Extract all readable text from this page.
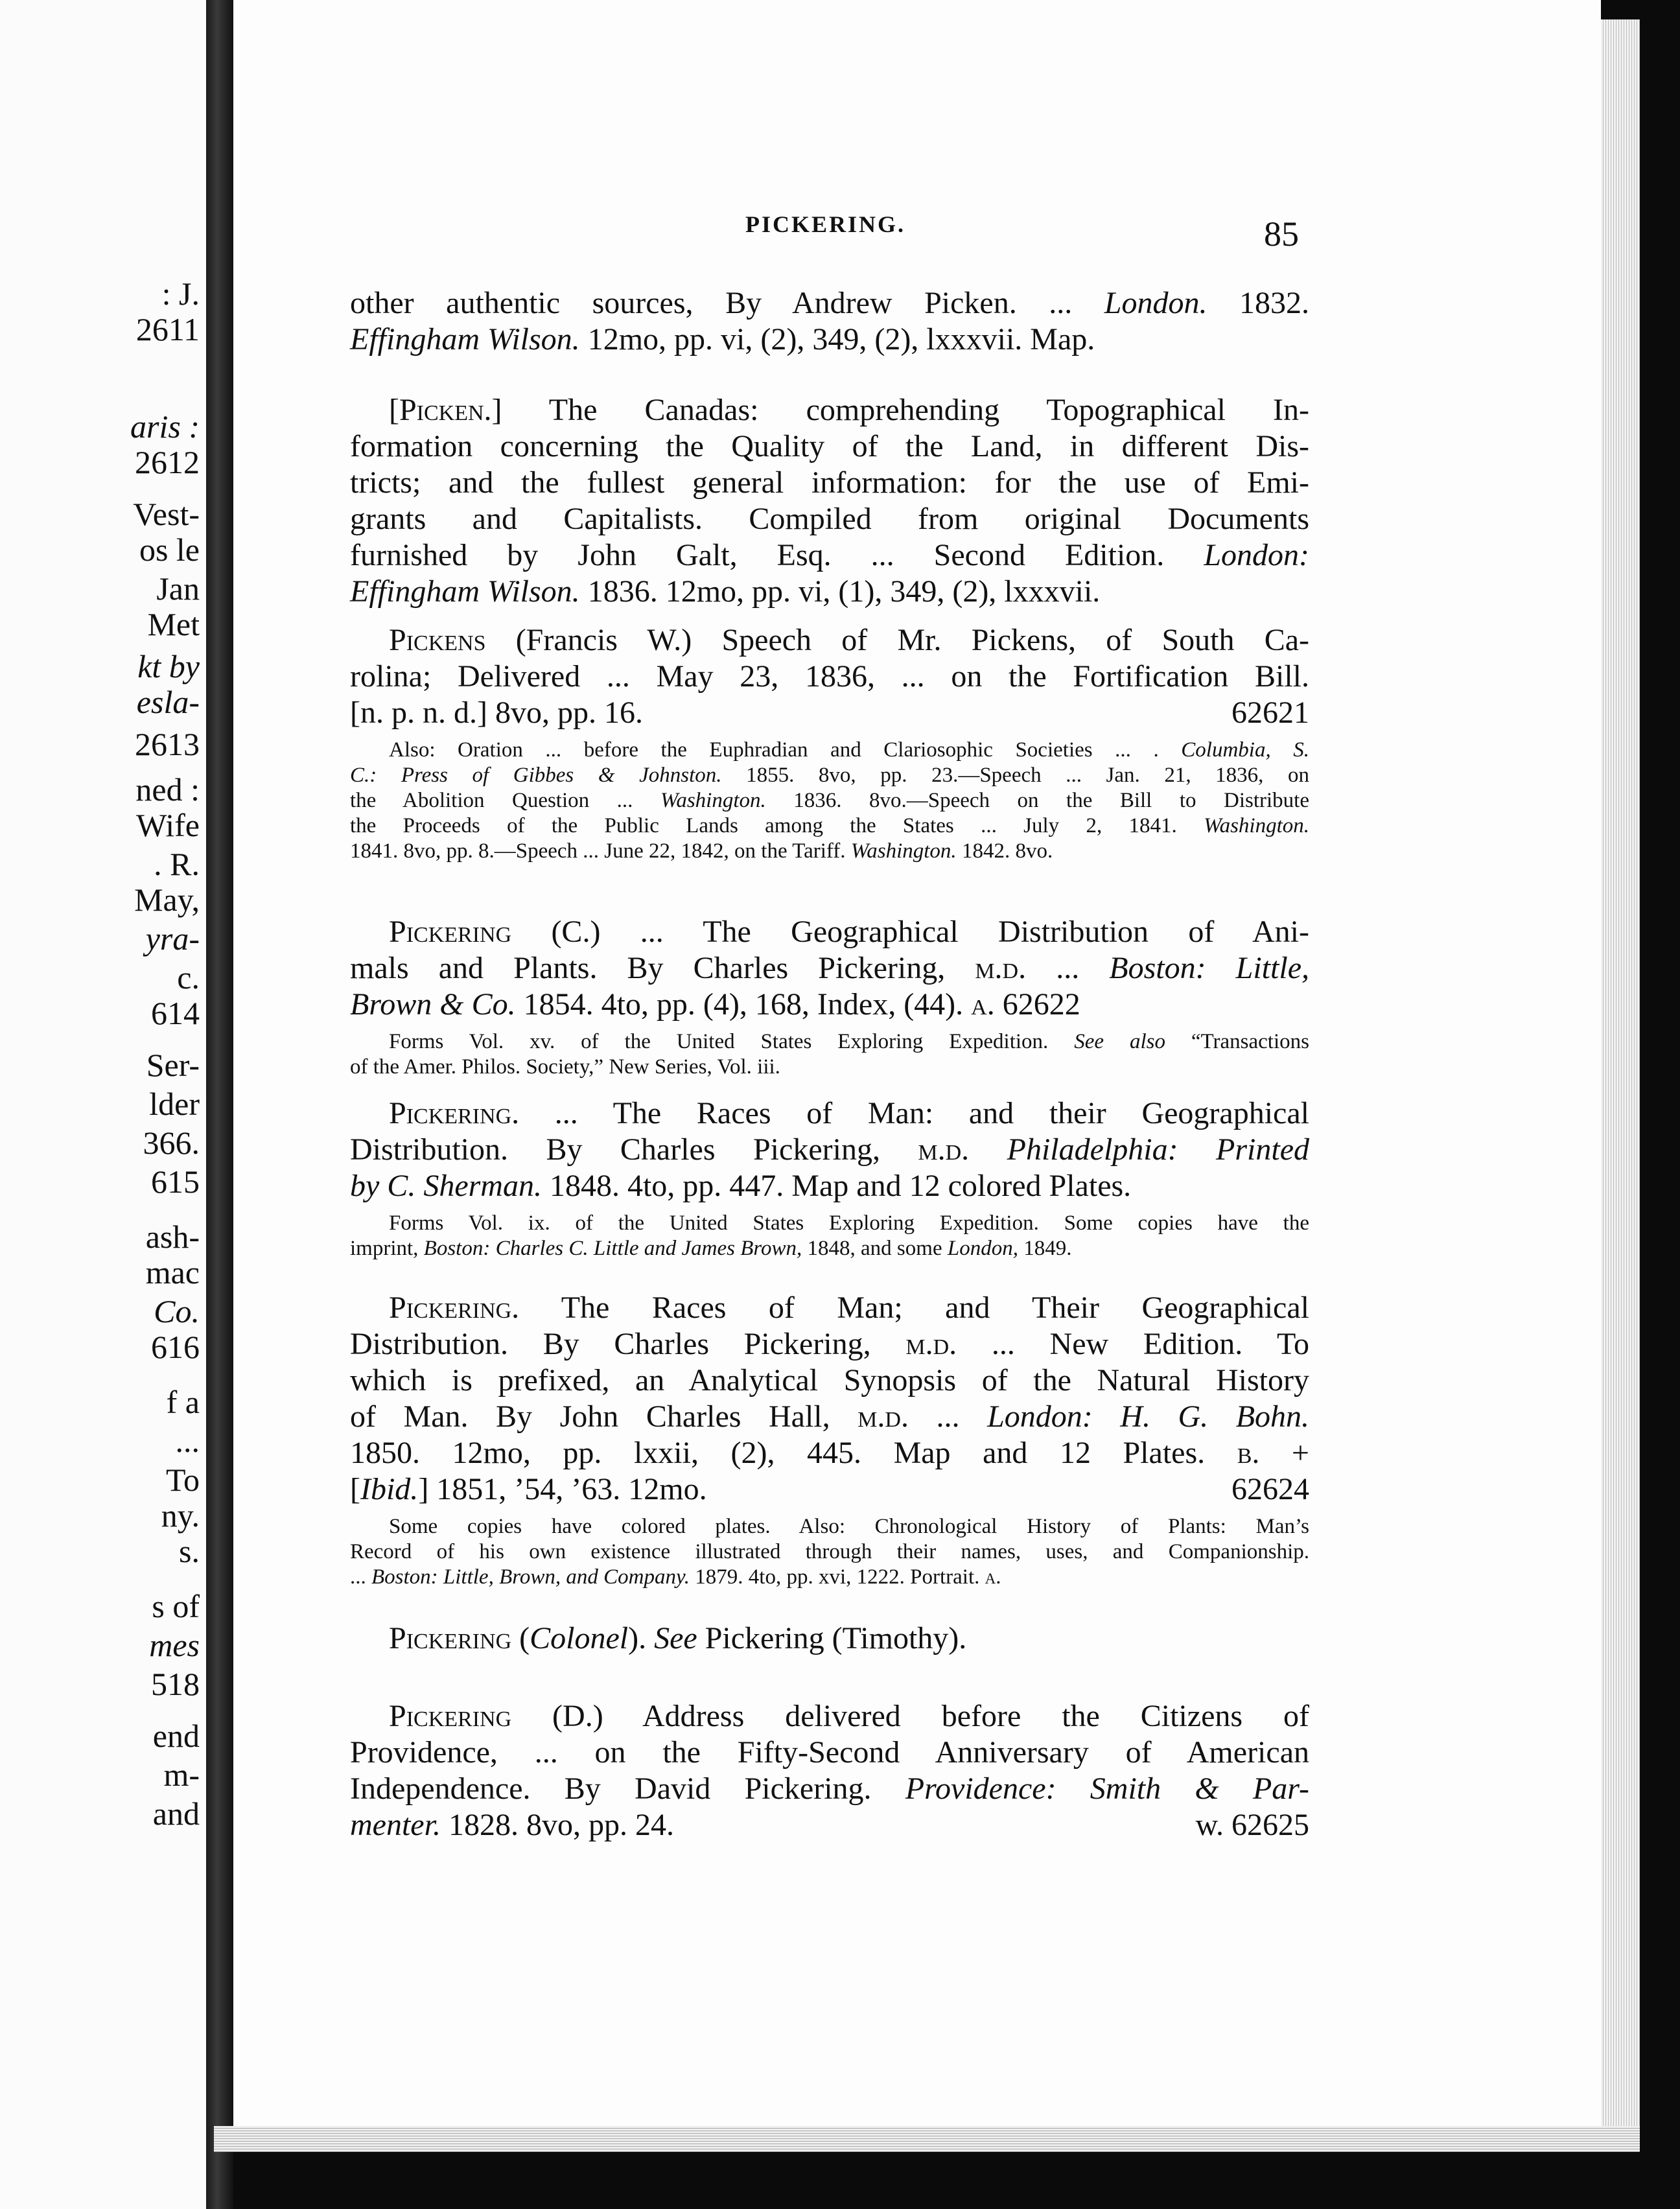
: J.
2611
aris :
2612
Vest-
os le
Jan
Met
kt by
esla-
2613
ned :
Wife
. R.
May,
yra-
c.
614
Ser-
lder
366.
615
ash-
mac
Co.
616
f a
...
To
ny.
s.
s of
mes
518
end
m-
and
PICKERING.	85
other authentic sources, By Andrew Picken. ... London. 1832.
Effingham Wilson. 12mo, pp. vi, (2), 349, (2), lxxxvii. Map.
[Picken.] The Canadas: comprehending Topographical In-
formation concerning the Quality of the Land, in different Dis-
tricts; and the fullest general information: for the use of Emi-
grants and Capitalists. Compiled from original Documents
furnished by John Galt, Esq. ... Second Edition. London:
Effingham Wilson. 1836. 12mo, pp. vi, (1), 349, (2), lxxxvii.
Pickens (Francis W.) Speech of Mr. Pickens, of South Ca-
rolina; Delivered ... May 23, 1836, ... on the Fortification Bill.
[n. p. n. d.] 8vo, pp. 16.	62621
Also: Oration ... before the Euphradian and Clariosophic Societies ... . Columbia, S.
C.: Press of Gibbes & Johnston. 1855. 8vo, pp. 23.—Speech ... Jan. 21, 1836, on
the Abolition Question ... Washington. 1836. 8vo.—Speech on the Bill to Distribute
the Proceeds of the Public Lands among the States ... July 2, 1841. Washington.
1841. 8vo, pp. 8.—Speech ... June 22, 1842, on the Tariff. Washington. 1842. 8vo.
Pickering (C.) ... The Geographical Distribution of Ani-
mals and Plants. By Charles Pickering, m.d. ... Boston: Little,
Brown & Co. 1854. 4to, pp. (4), 168, Index, (44). a. 62622
Forms Vol. xv. of the United States Exploring Expedition. See also “Transactions
of the Amer. Philos. Society,” New Series, Vol. iii.
Pickering. ... The Races of Man: and their Geographical
Distribution. By Charles Pickering, m.d. Philadelphia: Printed
by C. Sherman. 1848. 4to, pp. 447. Map and 12 colored Plates.
Forms Vol. ix. of the United States Exploring Expedition. Some copies have the
imprint, Boston: Charles C. Little and James Brown, 1848, and some London, 1849.
Pickering. The Races of Man; and Their Geographical
Distribution. By Charles Pickering, m.d. ... New Edition. To
which is prefixed, an Analytical Synopsis of the Natural History
of Man. By John Charles Hall, m.d. ... London: H. G. Bohn.
1850. 12mo, pp. lxxii, (2), 445. Map and 12 Plates. b. +
[Ibid.] 1851, ’54, ’63. 12mo.	62624
Some copies have colored plates. Also: Chronological History of Plants: Man’s
Record of his own existence illustrated through their names, uses, and Companionship.
... Boston: Little, Brown, and Company. 1879. 4to, pp. xvi, 1222. Portrait. a.
Pickering (Colonel). See Pickering (Timothy).
Pickering (D.) Address delivered before the Citizens of
Providence, ... on the Fifty-Second Anniversary of American
Independence. By David Pickering. Providence: Smith & Par-
menter. 1828. 8vo, pp. 24.	w. 62625
